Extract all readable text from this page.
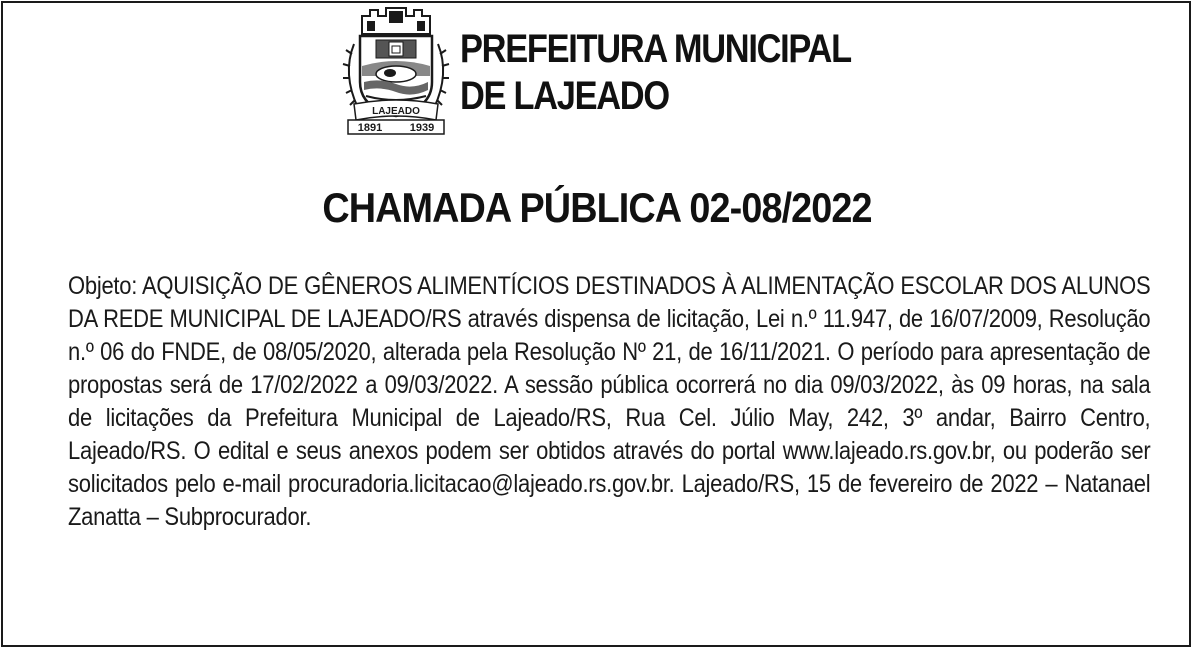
LAJEADO
1891	1939
PREFEITURA MUNICIPAL
DE LAJEADO
CHAMADA PÚBLICA 02-08/2022
Objeto: AQUISIÇÃO DE GÊNEROS ALIMENTÍCIOS DESTINADOS À ALIMENTAÇÃO ESCOLAR DOS ALUNOS DA REDE MUNICIPAL DE LAJEADO/RS através dispensa de licitação, Lei n.º 11.947, de 16/07/2009, Resolução n.º 06 do FNDE, de 08/05/2020, alterada pela Resolução Nº 21, de 16/11/2021. O período para apresentação de propostas será de 17/02/2022 a 09/03/2022. A sessão pública ocorrerá no dia 09/03/2022, às 09 horas, na sala de licitações da Prefeitura Municipal de Lajeado/RS, Rua Cel. Júlio May, 242, 3º andar, Bairro Centro, Lajeado/RS. O edital e seus anexos podem ser obtidos através do portal www.lajeado.rs.gov.br, ou poderão ser solicitados pelo e-mail procuradoria.licitacao@lajeado.rs.gov.br. Lajeado/RS, 15 de fevereiro de 2022 – Natanael Zanatta – Subprocurador.
